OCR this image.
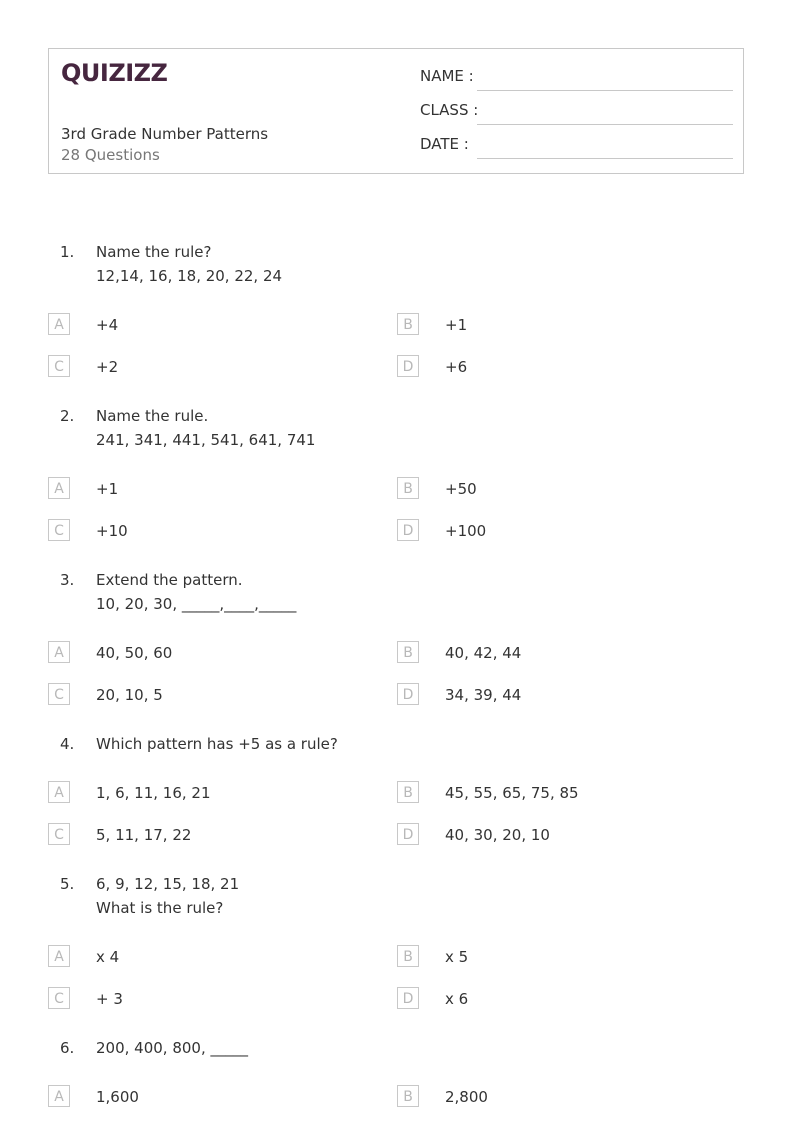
QUIZIZZ
3rd Grade Number Patterns
28 Questions
NAME :
CLASS :
DATE :
1. Name the rule?
12,14, 16, 18, 20, 22, 24
A	+4	B	+1
C	+2	D	+6
2. Name the rule.
241, 341, 441, 541, 641, 741
A	+1	B	+50
C	+10	D	+100
3. Extend the pattern.
10, 20, 30, _____,____,_____
A	40, 50, 60	B	40, 42, 44
C	20, 10, 5	D	34, 39, 44
4. Which pattern has +5 as a rule?
A	1, 6, 11, 16, 21	B	45, 55, 65, 75, 85
C	5, 11, 17, 22	D	40, 30, 20, 10
5. 6, 9, 12, 15, 18, 21
What is the rule?
A	x 4	B	x 5
C	+ 3	D	x 6
6. 200, 400, 800, _____
A	1,600	B	2,800
